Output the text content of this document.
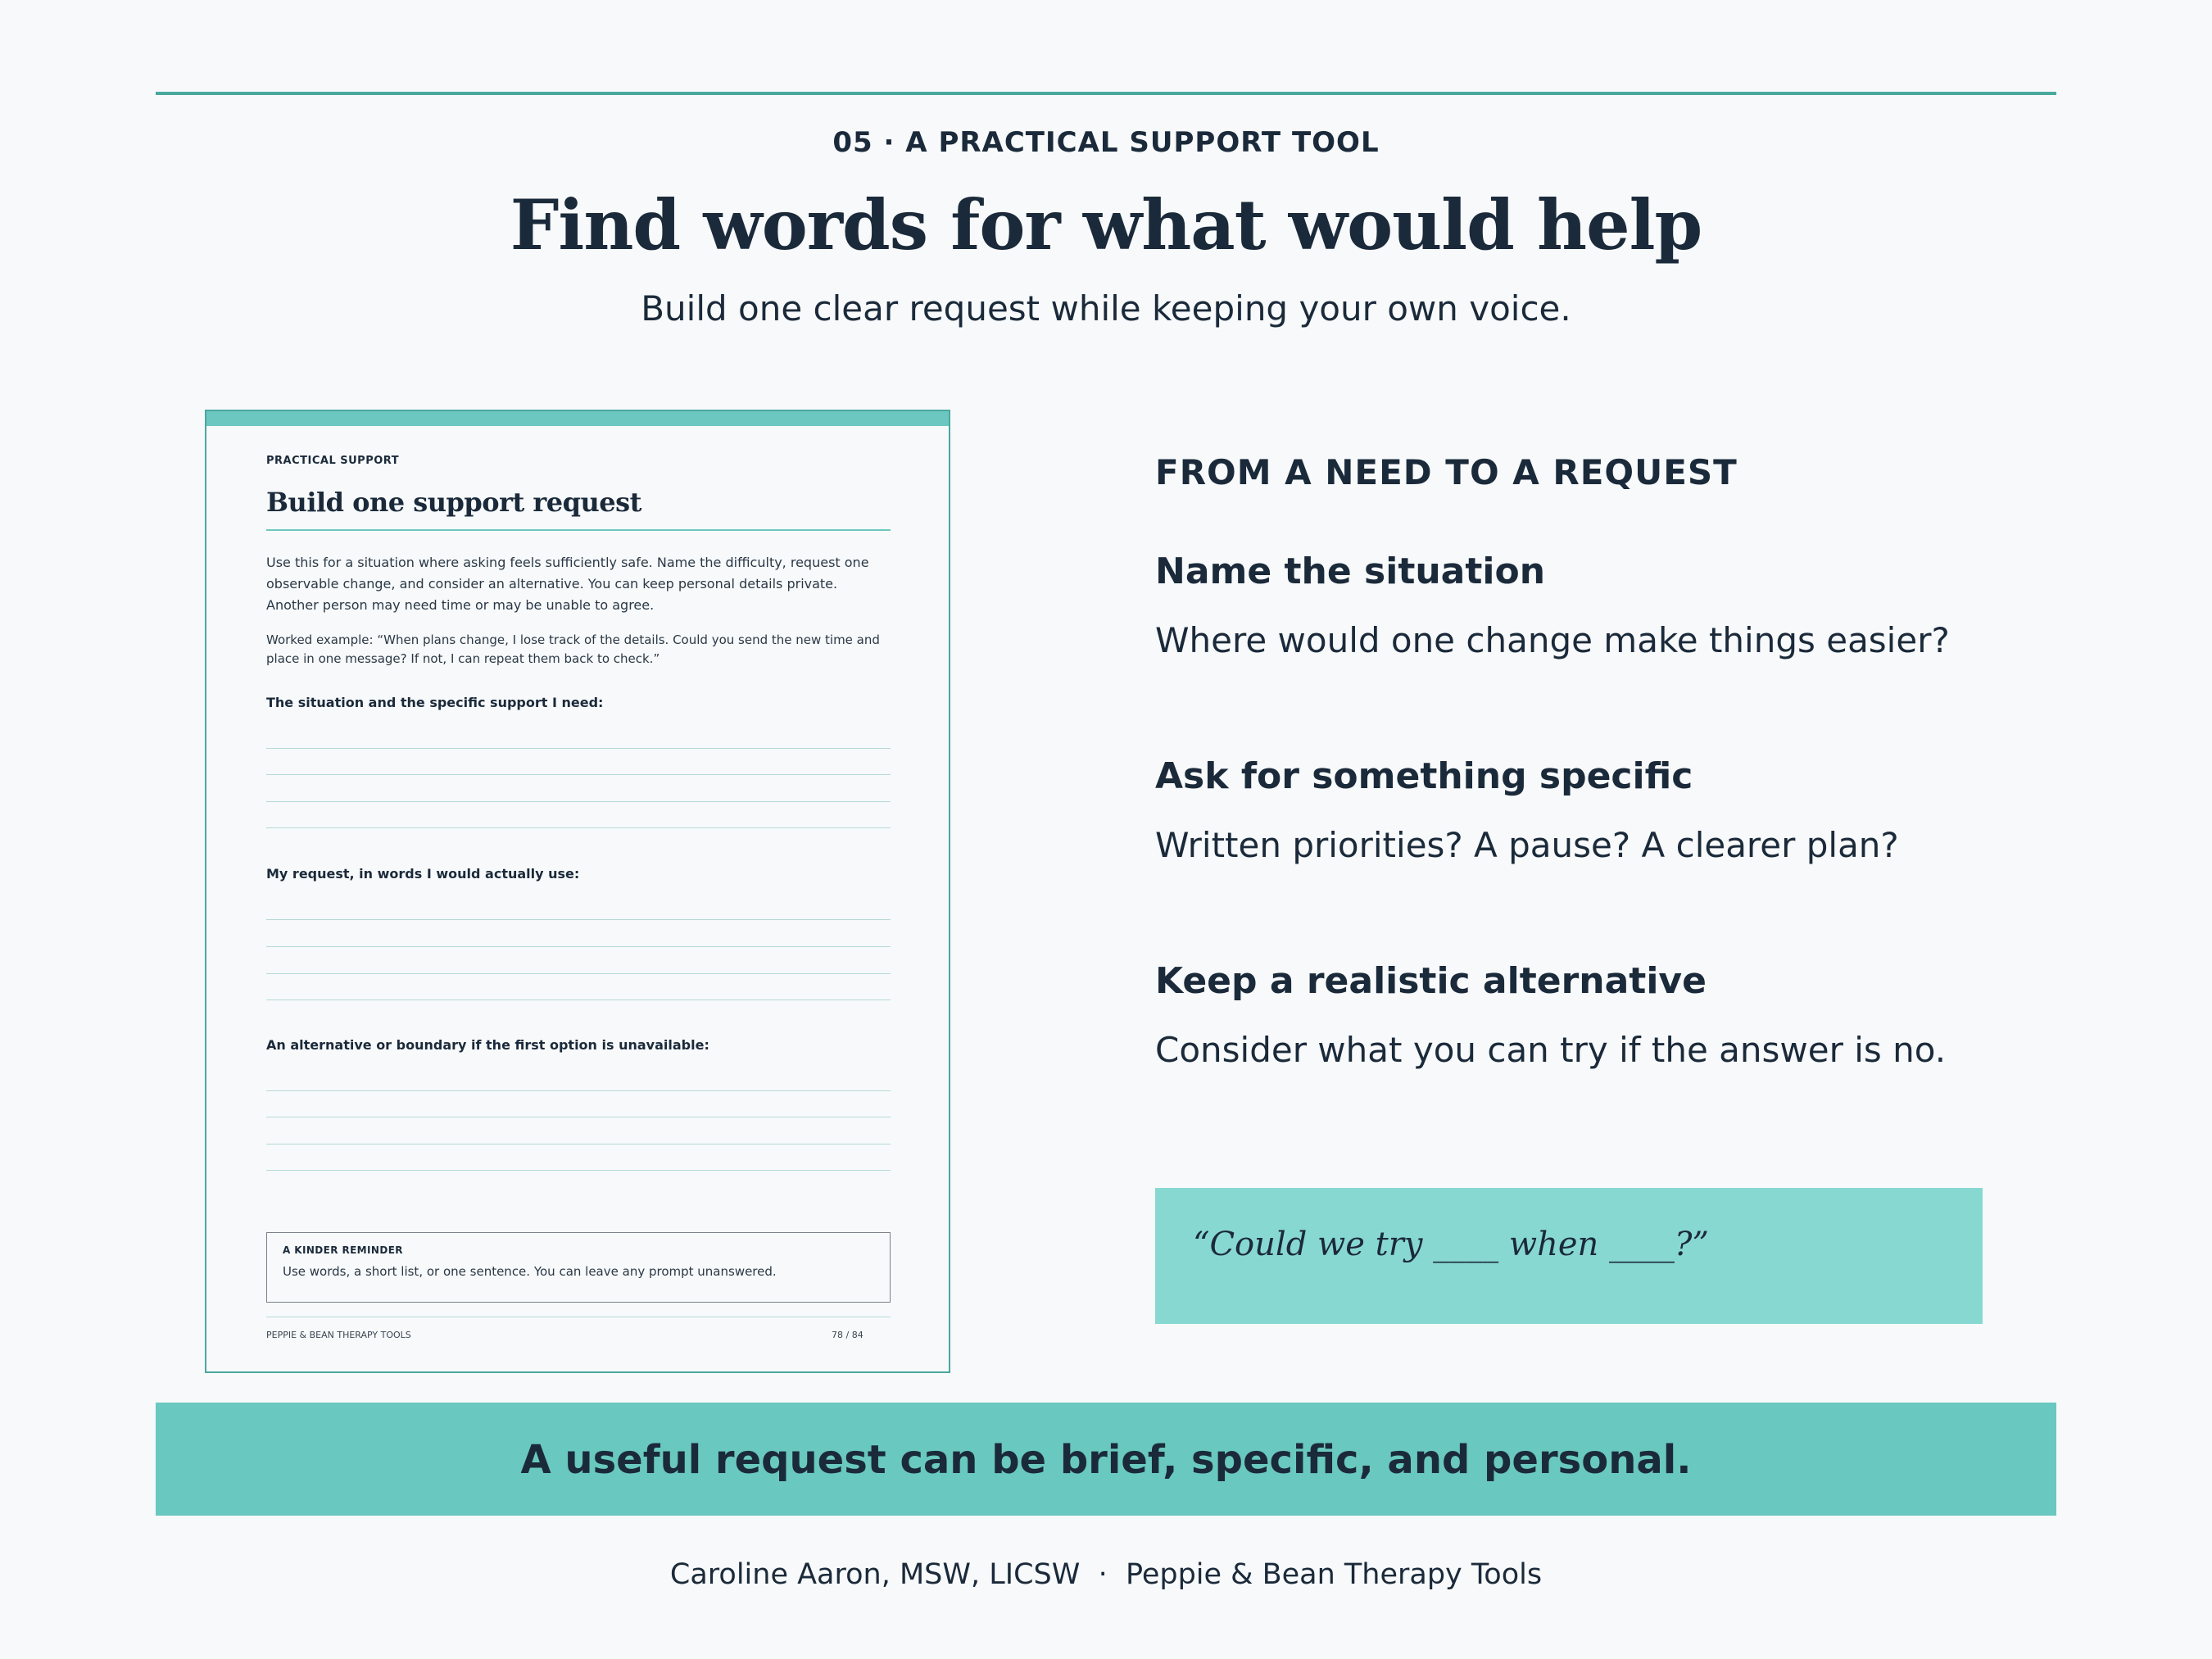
05 · A PRACTICAL SUPPORT TOOL
Find words for what would help
Build one clear request while keeping your own voice.
PRACTICAL SUPPORT
Build one support request
Use this for a situation where asking feels sufficiently safe. Name the difficulty, request one observable change, and consider an alternative. You can keep personal details private. Another person may need time or may be unable to agree.
Worked example: “When plans change, I lose track of the details. Could you send the new time and place in one message? If not, I can repeat them back to check.”
The situation and the specific support I need:
My request, in words I would actually use:
An alternative or boundary if the first option is unavailable:
A KINDER REMINDER
Use words, a short list, or one sentence. You can leave any prompt unanswered.
PEPPIE & BEAN THERAPY TOOLS	78 / 84
FROM A NEED TO A REQUEST
Name the situation
Where would one change make things easier?
Ask for something specific
Written priorities? A pause? A clearer plan?
Keep a realistic alternative
Consider what you can try if the answer is no.
“Could we try ____ when ____?”
A useful request can be brief, specific, and personal.
Caroline Aaron, MSW, LICSW  ·  Peppie & Bean Therapy Tools
